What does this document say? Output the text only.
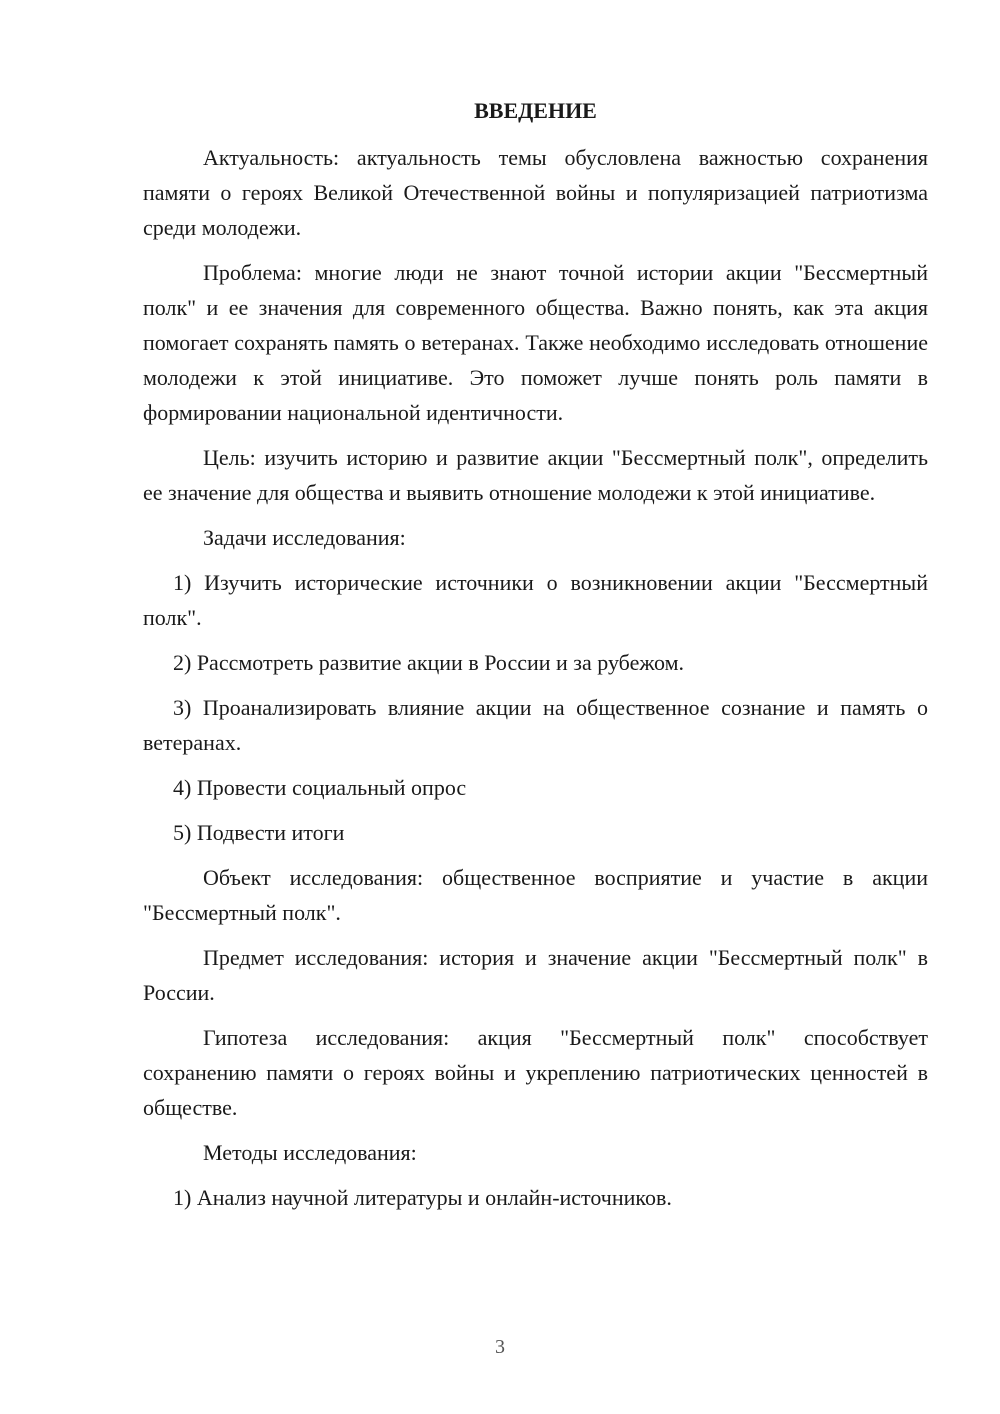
ВВЕДЕНИЕ

Актуальность: актуальность темы обусловлена важностью сохранения памяти о героях Великой Отечественной войны и популяризацией патриотизма среди молодежи.

Проблема: многие люди не знают точной истории акции "Бессмертный полк" и ее значения для современного общества. Важно понять, как эта акция помогает сохранять память о ветеранах. Также необходимо исследовать отношение молодежи к этой инициативе. Это поможет лучше понять роль памяти в формировании национальной идентичности.

Цель: изучить историю и развитие акции "Бессмертный полк", определить ее значение для общества и выявить отношение молодежи к этой инициативе.

Задачи исследования:

1) Изучить исторические источники о возникновении акции "Бессмертный полк".

2) Рассмотреть развитие акции в России и за рубежом.

3) Проанализировать влияние акции на общественное сознание и память о ветеранах.

4) Провести социальный опрос

5) Подвести итоги

Объект исследования: общественное восприятие и участие в акции "Бессмертный полк".

Предмет исследования: история и значение акции "Бессмертный полк" в России.

Гипотеза исследования: акция "Бессмертный полк" способствует сохранению памяти о героях войны и укреплению патриотических ценностей в обществе.

Методы исследования:

1) Анализ научной литературы и онлайн-источников.

3
